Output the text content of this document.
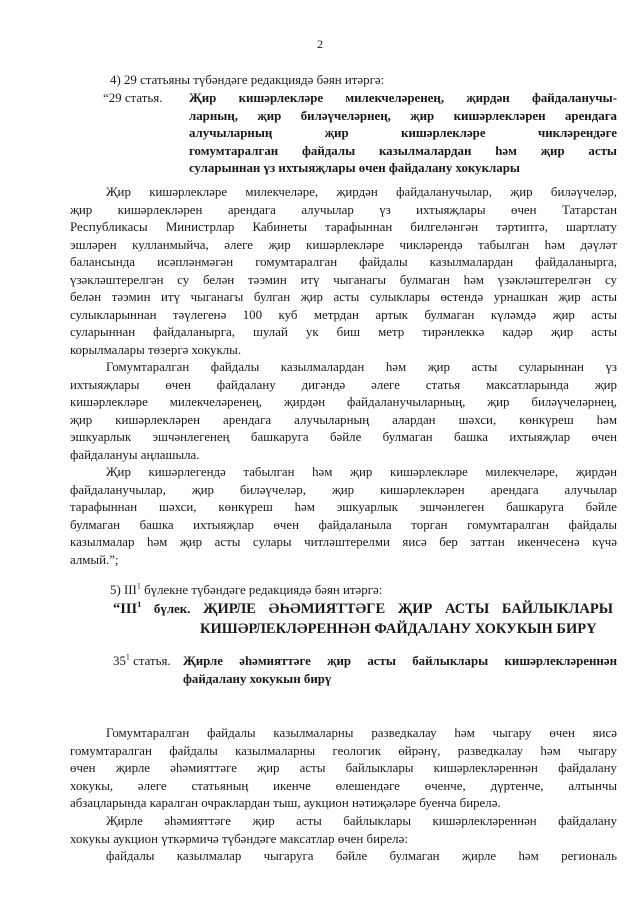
2
4) 29 статьяны түбәндәге редакциядә бәян итәргә:
“29 статья.	Җир кишәрлекләре милекчеләренең, җирдән файдаланучы-
ларның, җир биләүчеләрнең, җир кишәрлекләрен арендага
алучыларның җир кишәрлекләре чикләрендәге
гомумтаралган файдалы казылмалардан һәм җир асты
суларыннан үз ихтыяҗлары өчен файдалану хокуклары
Җир кишәрлекләре милекчеләре, җирдән файдаланучылар, җир биләүчеләр,
җир кишәрлекләрен арендага алучылар үз ихтыяҗлары өчен Татарстан
Республикасы Министрлар Кабинеты тарафыннан билгеләнгән тәртиптә, шартлату
эшләрен кулланмыйча, әлеге җир кишәрлекләре чикләрендә табылган һәм дәүләт
балансында исәпләнмәгән гомумтаралган файдалы казылмалардан файдаланырга,
үзәкләштерелгән су белән тәэмин итү чыганагы булмаган һәм үзәкләштерелгән су
белән тәэмин итү чыганагы булган җир асты сулыклары өстендә урнашкан җир асты
сулыкларыннан тәүлегенә 100 куб метрдан артык булмаган күләмдә җир асты
суларыннан файдаланырга, шулай ук биш метр тирәнлеккә кадәр җир асты
корылмалары төзергә хокуклы.
Гомумтаралган файдалы казылмалардан һәм җир асты суларыннан үз
ихтыяҗлары өчен файдалану дигәндә әлеге статья максатларында җир
кишәрлекләре милекчеләренең, җирдән файдаланучыларның, җир биләүчеләрнең,
җир кишәрлекләрен арендага алучыларның алардан шәхси, көнкүреш һәм
эшкуарлык эшчәнлегенең башкаруга бәйле булмаган башка ихтыяҗлар өчен
файдалануы аңлашыла.
Җир кишәрлегендә табылган һәм җир кишәрлекләре милекчеләре, җирдән
файдаланучылар, җир биләүчеләр, җир кишәрлекләрен арендага алучылар
тарафыннан шәхси, көнкүреш һәм эшкуарлык эшчәнлеген башкаруга бәйле
булмаган башка ихтыяҗлар өчен файдаланыла торган гомумтаралган файдалы
казылмалар һәм җир асты сулары читләштерелми яисә бер заттан икенчесенә күчә
алмый.”;
5) III$^1$ бүлекне түбәндәге редакциядә бәян итәргә:
“III$^1$ бүлек. ҖИРЛЕ ӘҺӘМИЯТТӘГЕ ҖИР АСТЫ БАЙЛЫКЛАРЫ
КИШӘРЛЕКЛӘРЕННӘН ФАЙДАЛАНУ ХОКУКЫН БИРҮ
$35^1$ статья. Җирле әһәмияттәге җир асты байлыклары кишәрлекләреннән
файдалану хокукын бирү
Гомумтаралган файдалы казылмаларны разведкалау һәм чыгару өчен яисә
гомумтаралган файдалы казылмаларны геологик өйрәнү, разведкалау һәм чыгару
өчен җирле әһәмияттәге җир асты байлыклары кишәрлекләреннән файдалану
хокукы, әлеге статьяның икенче өлешендәге өченче, дүртенче, алтынчы
абзацларында каралган очраклардан тыш, аукцион нәтиҗәләре буенча бирелә.
Җирле әһәмияттәге җир асты байлыклары кишәрлекләреннән файдалану
хокукы аукцион үткәрмичә түбәндәге максатлар өчен бирелә:
файдалы казылмалар чыгаруга бәйле булмаган җирле һәм региональ
